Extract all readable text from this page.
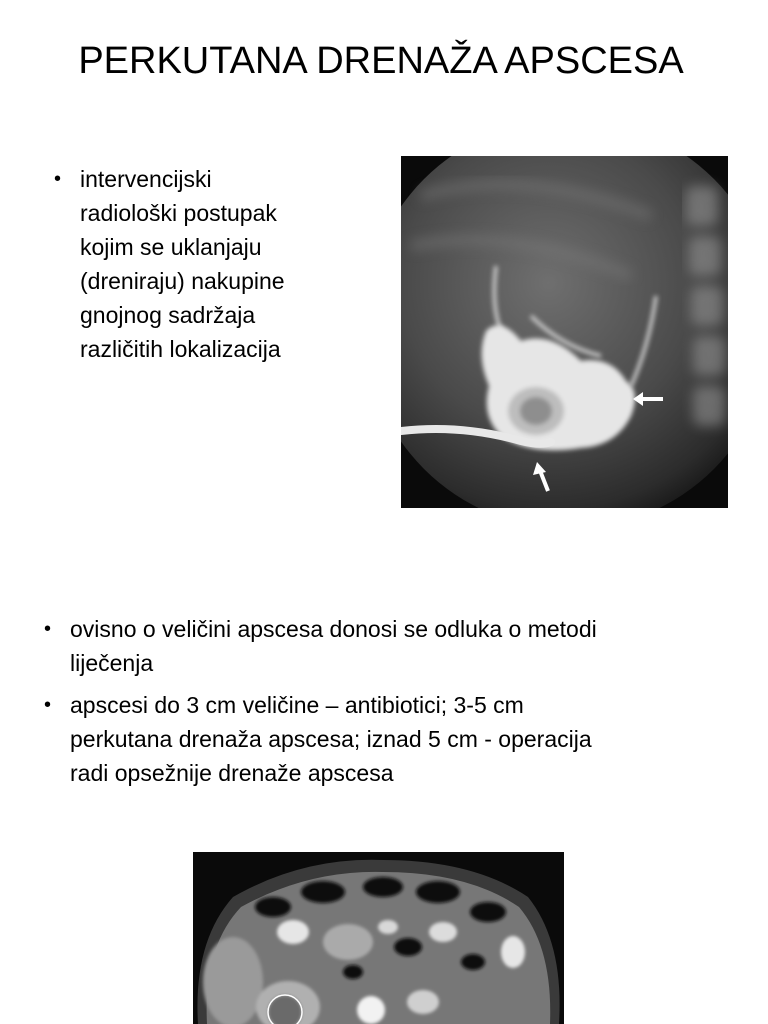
PERKUTANA DRENAŽA APSCESA
• intervencijski
radiološki postupak
kojim se uklanjaju
(dreniraju) nakupine
gnojnog sadržaja
različitih lokalizacija
• ovisno o veličini apscesa donosi se odluka o metodi
liječenja
• apscesi do 3 cm veličine – antibiotici; 3-5 cm
perkutana drenaža apscesa; iznad 5 cm - operacija
radi opsežnije drenaže apscesa
